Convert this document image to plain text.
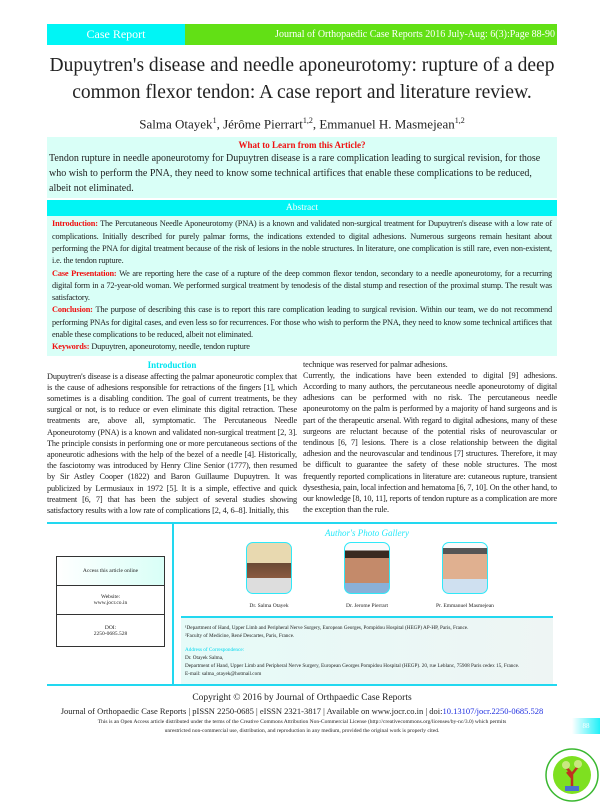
Case Report	Journal of Orthopaedic Case Reports 2016 July-Aug: 6(3):Page 88-90
Dupuytren's disease and needle aponeurotomy: rupture of a deep common flexor tendon: A case report and literature review.
Salma Otayek$^1$, Jérôme Pierrart$^{1,2}$, Emmanuel H. Masmejean$^{1,2}$
What to Learn from this Article?

Tendon rupture in needle aponeurotomy for Dupuytren disease is a rare complication leading to surgical revision, for those who wish to perform the PNA, they need to know some technical artifices that enable these complications to be reduced, albeit not eliminated.

Abstract

Introduction: The Percutaneous Needle Aponeurotomy (PNA) is a known and validated non-surgical treatment for Dupuytren's disease with a low rate of complications. Initially described for purely palmar forms, the indications extended to digital adhesions. Numerous surgeons remain hesitant about performing the PNA for digital treatment because of the risk of lesions in the noble structures. In literature, one complication is still rare, even non-existent, i.e. the tendon rupture.

Case Presentation: We are reporting here the case of a rupture of the deep common flexor tendon, secondary to a needle aponeurotomy, for a recurring digital form in a 72-year-old woman. We performed surgical treatment by tenodesis of the distal stump and resection of the proximal stump. The result was satisfactory.

Conclusion: The purpose of describing this case is to report this rare complication leading to surgical revision. Within our team, we do not recommend performing PNAs for digital cases, and even less so for recurrences. For those who wish to perform the PNA, they need to know some technical artifices that enable these complications to be reduced, albeit not eliminated.

Keywords: Dupuytren, aponeurotomy, needle, tendon rupture

Introduction

Dupuytren's disease is a disease affecting the palmar aponeurotic complex that is the cause of adhesions responsible for retractions of the fingers [1], which sometimes is a disabling condition. The goal of current treatments, be they surgical or not, is to reduce or even eliminate this digital retraction. These treatments are, above all, symptomatic. The Percutaneous Needle Aponeurotomy (PNA) is a known and validated non-surgical treatment [2, 3]. The principle consists in performing one or more percutaneous sections of the aponeurotic adhesions with the help of the bezel of a needle [4]. Historically, the fasciotomy was introduced by Henry Cline Senior (1777), then resumed by Sir Astley Cooper (1822) and Baron Guillaume Dupuytren. It was publicized by Lermusiaux in 1972 [5]. It is a simple, effective and quick treatment [6, 7] that has been the subject of several studies showing satisfactory results with a low rate of complications [2, 4, 6–8]. Initially, this

technique was reserved for palmar adhesions.

Currently, the indications have been extended to digital [9] adhesions. According to many authors, the percutaneous needle aponeurotomy of digital adhesions can be performed with no risk. The percutaneous needle aponeurotomy on the palm is performed by a majority of hand surgeons and is part of the therapeutic arsenal. With regard to digital adhesions, many of these surgeons are reluctant because of the potential risks of neurovascular or tendinous [6, 7] lesions. There is a close relationship between the digital adhesion and the neurovascular and tendinous [7] structures. Therefore, it may be difficult to guarantee the safety of these noble structures. The most frequently reported complications in literature are: cutaneous rupture, transient dysesthesia, pain, local infection and hematoma [6, 7, 10]. On the other hand, to our knowledge [8, 10, 11], reports of tendon rupture as a complication are more the exception than the rule.

Access this article online
Website:
www.jocr.co.in
DOI:
2250-0685.528
Author's Photo Gallery
Dr. Salma Otayek	Dr. Jerome Pierrart	Pr. Emmanuel Masmejean

¹Department of Hand, Upper Limb and Peripheral Nerve Surgery, European Georges, Pompidou Hospital (HEGP) AP-HP, Paris, France.

²Faculty of Medicine, René Descartes, Paris, France.

Address of Correspondence:

Dr. Otayek Salma,

Department of Hand, Upper Limb and Peripheral Nerve Surgery, European Georges Pompidou Hospital (HEGP). 20, rue Leblanc, 75908 Paris cedex 15, France.

E-mail: salma_otayek@hotmail.com

Copyright © 2016 by Journal of Orthpaedic Case Reports

Journal of Orthopaedic Case Reports | pISSN 2250-0685 | eISSN 2321-3817 | Available on www.jocr.co.in | doi:10.13107/jocr.2250-0685.528

This is an Open Access article distributed under the terms of the Creative Commons Attribution Non-Commercial License (http://creativecommons.org/licenses/by-nc/3.0) which permits

unrestricted non-commercial use, distribution, and reproduction in any medium, provided the original work is properly cited.

88
